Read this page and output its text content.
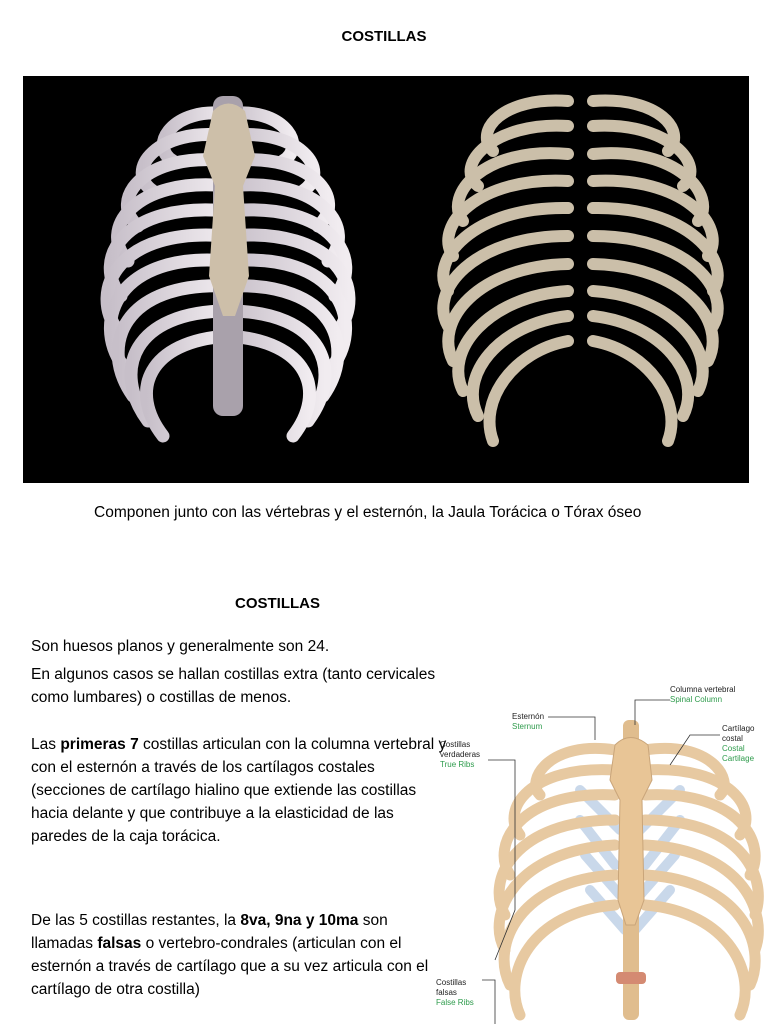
COSTILLAS
Componen junto con las vértebras y el esternón, la Jaula Torácica o Tórax óseo
COSTILLAS
Son huesos planos y generalmente son 24.
En algunos casos se hallan costillas extra (tanto cervicales como lumbares) o costillas de menos.
Las primeras 7 costillas articulan con la columna vertebral y con el esternón a través de los cartílagos costales (secciones de cartílago hialino que extiende las costillas hacia delante y que contribuye a la elasticidad de las paredes de la caja torácica.
De las 5 costillas restantes, la 8va, 9na y 10ma son llamadas falsas o vertebro-condrales (articulan con el esternón a través de cartílago que a su vez articula con el cartílago de otra costilla)
Columna vertebral
Spinal Column
Esternón
Sternum	Cartílago costal
Costal Cartilage
Costillas verdaderas
True Ribs
Costillas falsas
False Ribs
